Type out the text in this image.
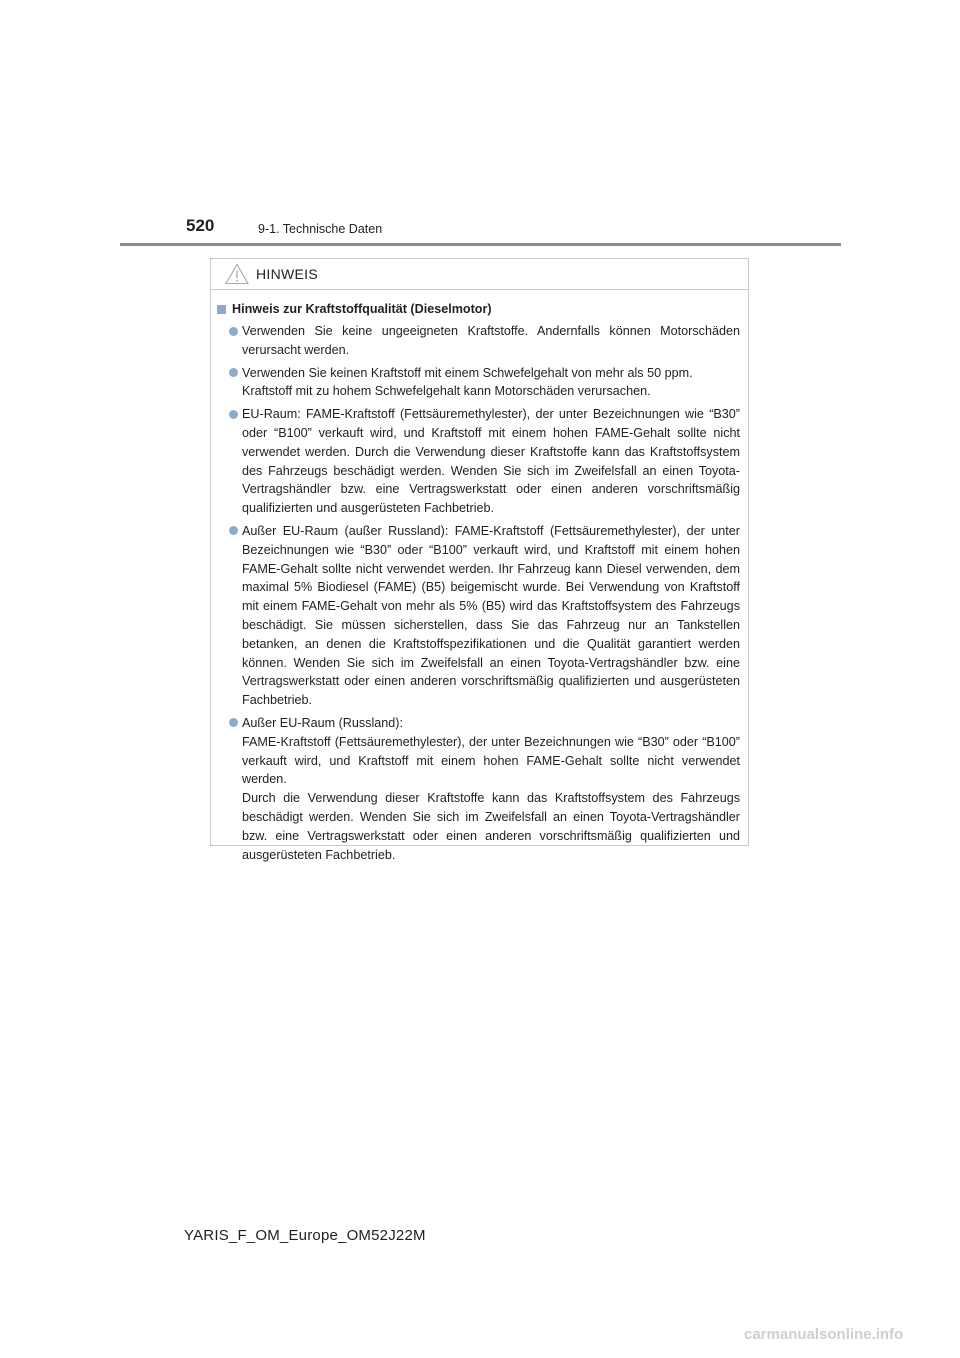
520	9-1. Technische Daten
HINWEIS
Hinweis zur Kraftstoffqualität (Dieselmotor)
Verwenden Sie keine ungeeigneten Kraftstoffe. Andernfalls können Motorschäden verursacht werden.
Verwenden Sie keinen Kraftstoff mit einem Schwefelgehalt von mehr als 50 ppm.
Kraftstoff mit zu hohem Schwefelgehalt kann Motorschäden verursachen.
EU-Raum: FAME-Kraftstoff (Fettsäuremethylester), der unter Bezeichnungen wie “B30” oder “B100” verkauft wird, und Kraftstoff mit einem hohen FAME-Gehalt sollte nicht verwendet werden. Durch die Verwendung dieser Kraftstoffe kann das Kraftstoffsystem des Fahrzeugs beschädigt werden. Wenden Sie sich im Zweifelsfall an einen Toyota-Vertragshändler bzw. eine Vertragswerkstatt oder einen anderen vorschriftsmäßig qualifizierten und ausgerüsteten Fachbetrieb.
Außer EU-Raum (außer Russland): FAME-Kraftstoff (Fettsäuremethylester), der unter Bezeichnungen wie “B30” oder “B100” verkauft wird, und Kraftstoff mit einem hohen FAME-Gehalt sollte nicht verwendet werden. Ihr Fahrzeug kann Diesel verwenden, dem maximal 5% Biodiesel (FAME) (B5) beigemischt wurde. Bei Verwendung von Kraftstoff mit einem FAME-Gehalt von mehr als 5% (B5) wird das Kraftstoffsystem des Fahrzeugs beschädigt. Sie müssen sicherstellen, dass Sie das Fahrzeug nur an Tankstellen betanken, an denen die Kraftstoffspezifikationen und die Qualität garantiert werden können. Wenden Sie sich im Zweifelsfall an einen Toyota-Vertragshändler bzw. eine Vertragswerkstatt oder einen anderen vorschriftsmäßig qualifizierten und ausgerüsteten Fachbetrieb.
Außer EU-Raum (Russland):
FAME-Kraftstoff (Fettsäuremethylester), der unter Bezeichnungen wie “B30” oder “B100” verkauft wird, und Kraftstoff mit einem hohen FAME-Gehalt sollte nicht verwendet werden.
Durch die Verwendung dieser Kraftstoffe kann das Kraftstoffsystem des Fahrzeugs beschädigt werden. Wenden Sie sich im Zweifelsfall an einen Toyota-Vertragshändler bzw. eine Vertragswerkstatt oder einen anderen vorschriftsmäßig qualifizierten und ausgerüsteten Fachbetrieb.
YARIS_F_OM_Europe_OM52J22M
carmanualsonline.info
